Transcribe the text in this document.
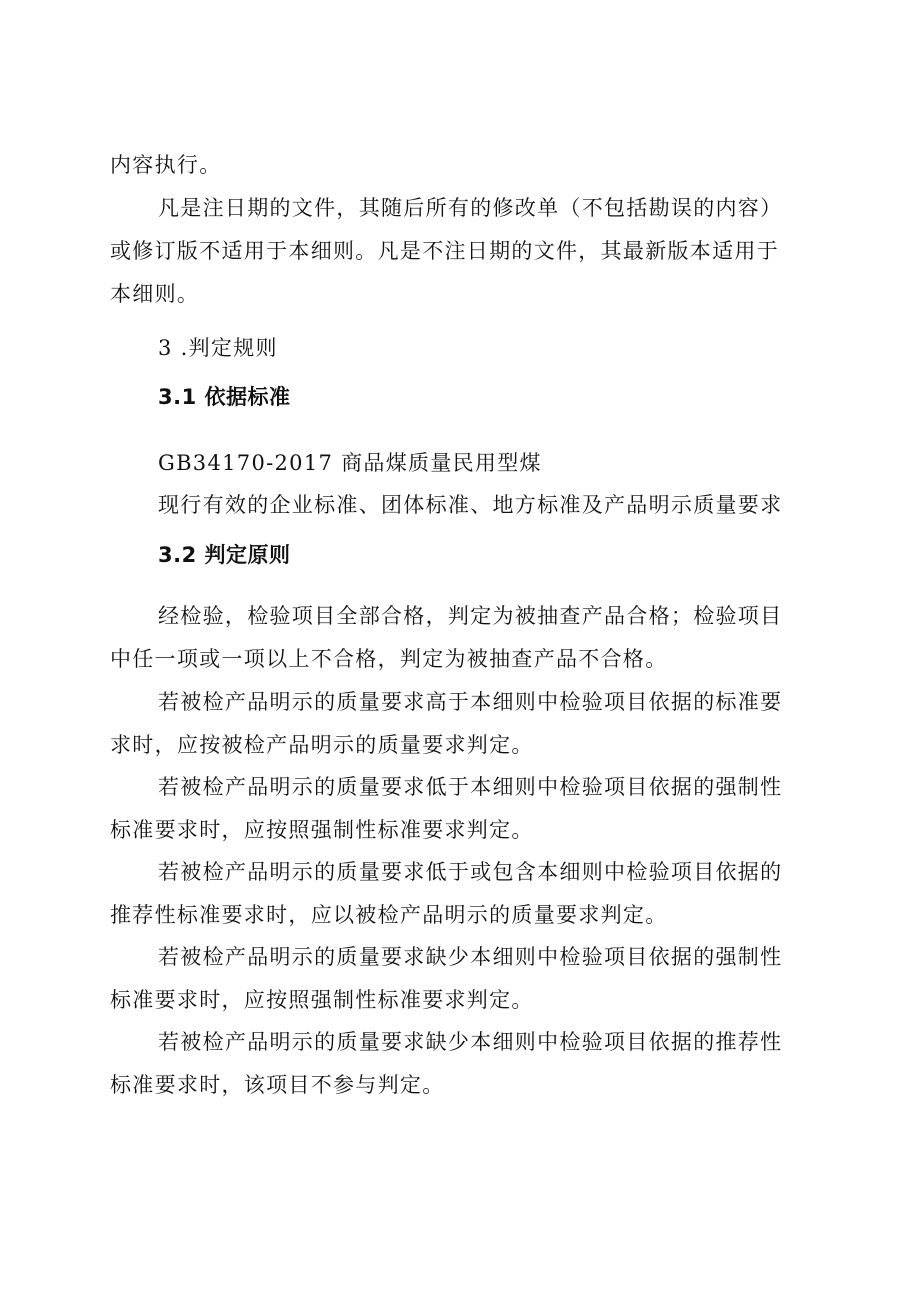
内容执行。
凡是注日期的文件，其随后所有的修改单（不包括勘误的内容）
或修订版不适用于本细则。凡是不注日期的文件，其最新版本适用于
本细则。
3 .判定规则
3.1 依据标准
GB34170-2017 商品煤质量民用型煤
现行有效的企业标准、团体标准、地方标准及产品明示质量要求
3.2 判定原则
经检验，检验项目全部合格，判定为被抽查产品合格；检验项目
中任一项或一项以上不合格，判定为被抽查产品不合格。
若被检产品明示的质量要求高于本细则中检验项目依据的标准要
求时，应按被检产品明示的质量要求判定。
若被检产品明示的质量要求低于本细则中检验项目依据的强制性
标准要求时，应按照强制性标准要求判定。
若被检产品明示的质量要求低于或包含本细则中检验项目依据的
推荐性标准要求时，应以被检产品明示的质量要求判定。
若被检产品明示的质量要求缺少本细则中检验项目依据的强制性
标准要求时，应按照强制性标准要求判定。
若被检产品明示的质量要求缺少本细则中检验项目依据的推荐性
标准要求时，该项目不参与判定。
